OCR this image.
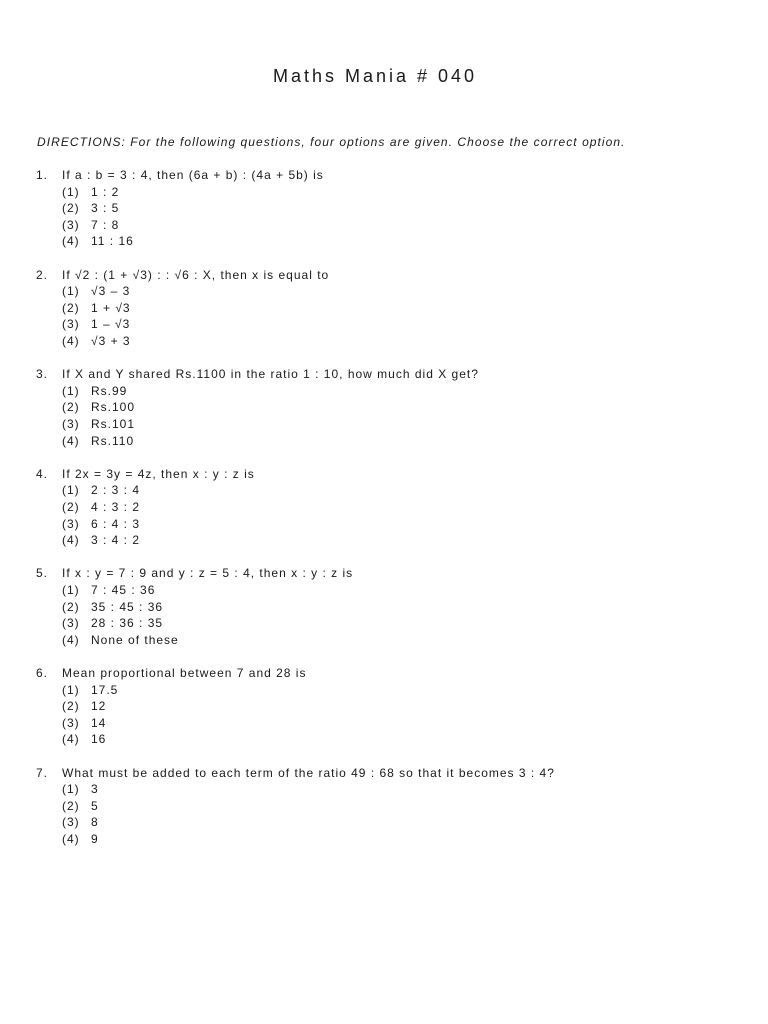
Maths Mania # 040
DIRECTIONS: For the following questions, four options are given. Choose the correct option.
1. If a : b = 3 : 4, then (6a + b) : (4a + 5b) is
(1) 1 : 2
(2) 3 : 5
(3) 7 : 8
(4) 11 : 16
2. If √2 : (1 + √3) : : √6 : X, then x is equal to
(1) √3 – 3
(2) 1 + √3
(3) 1 – √3
(4) √3 + 3
3. If X and Y shared Rs.1100 in the ratio 1 : 10, how much did X get?
(1) Rs.99
(2) Rs.100
(3) Rs.101
(4) Rs.110
4. If 2x = 3y = 4z, then x : y : z is
(1) 2 : 3 : 4
(2) 4 : 3 : 2
(3) 6 : 4 : 3
(4) 3 : 4 : 2
5. If x : y = 7 : 9 and y : z = 5 : 4, then x : y : z is
(1) 7 : 45 : 36
(2) 35 : 45 : 36
(3) 28 : 36 : 35
(4) None of these
6. Mean proportional between 7 and 28 is
(1) 17.5
(2) 12
(3) 14
(4) 16
7. What must be added to each term of the ratio 49 : 68 so that it becomes 3 : 4?
(1) 3
(2) 5
(3) 8
(4) 9
